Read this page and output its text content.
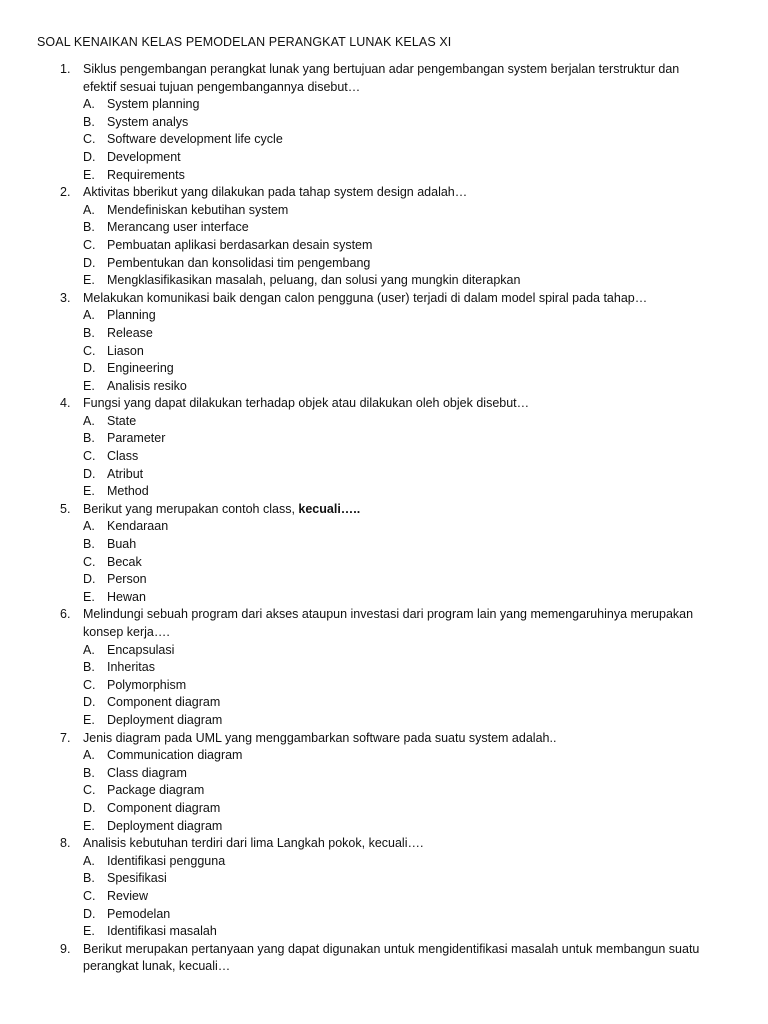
SOAL KENAIKAN KELAS PEMODELAN PERANGKAT LUNAK KELAS XI
1. Siklus pengembangan perangkat lunak yang bertujuan adar pengembangan system berjalan terstruktur dan
efektif sesuai tujuan pengembangannya disebut…
A. System planning
B. System analys
C. Software development life cycle
D. Development
E. Requirements
2. Aktivitas bberikut yang dilakukan pada tahap system design adalah…
A. Mendefiniskan kebutihan system
B. Merancang user interface
C. Pembuatan aplikasi berdasarkan desain system
D. Pembentukan dan konsolidasi tim pengembang
E. Mengklasifikasikan masalah, peluang, dan solusi yang mungkin diterapkan
3. Melakukan komunikasi baik dengan calon pengguna (user) terjadi di dalam model spiral pada tahap…
A. Planning
B. Release
C. Liason
D. Engineering
E. Analisis resiko
4. Fungsi yang dapat dilakukan terhadap objek atau dilakukan oleh objek disebut…
A. State
B. Parameter
C. Class
D. Atribut
E. Method
5. Berikut yang merupakan contoh class, kecuali…..
A. Kendaraan
B. Buah
C. Becak
D. Person
E. Hewan
6. Melindungi sebuah program dari akses ataupun investasi dari program lain yang memengaruhinya merupakan
konsep kerja….
A. Encapsulasi
B. Inheritas
C. Polymorphism
D. Component diagram
E. Deployment diagram
7. Jenis diagram pada UML yang menggambarkan software pada suatu system adalah..
A. Communication diagram
B. Class diagram
C. Package diagram
D. Component diagram
E. Deployment diagram
8. Analisis kebutuhan terdiri dari lima Langkah pokok, kecuali….
A. Identifikasi pengguna
B. Spesifikasi
C. Review
D. Pemodelan
E. Identifikasi masalah
9. Berikut merupakan pertanyaan yang dapat digunakan untuk mengidentifikasi masalah untuk membangun suatu
perangkat lunak, kecuali…
